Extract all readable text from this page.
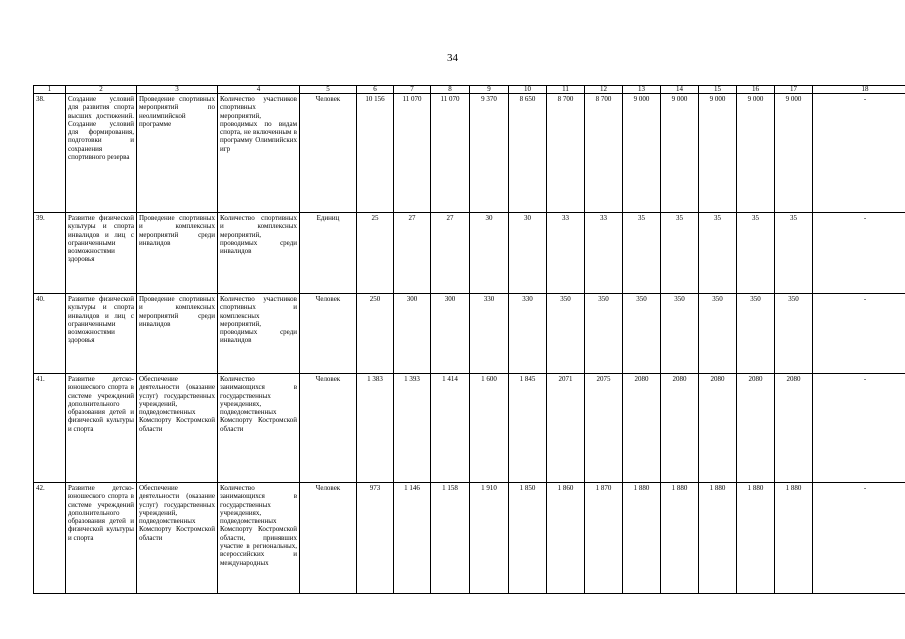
34
1	2	3	4	5	6	7	8	9	10	11	12	13	14	15	16	17	18
38.	Создание условий для развития спорта высших достижений. Создание условий для формирования, подготовки и сохранения спортивного резерва	Проведение спортивных мероприятий по неолимпийской программе	Количество участников спортивных мероприятий, проводимых по видам спорта, не включенным в программу Олимпийских игр	Человек	10 156	11 070	11 070	9 370	8 650	8 700	8 700	9 000	9 000	9 000	9 000	9 000	-
39.	Развитие физической культуры и спорта инвалидов и лиц с ограниченными возможностями здоровья	Проведение спортивных и комплексных мероприятий среди инвалидов	Количество спортивных и комплексных мероприятий, проводимых среди инвалидов	Единиц	25	27	27	30	30	33	33	35	35	35	35	35	-
40.	Развитие физической культуры и спорта инвалидов и лиц с ограниченными возможностями здоровья	Проведение спортивных и комплексных мероприятий среди инвалидов	Количество участников спортивных и комплексных мероприятий, проводимых среди инвалидов	Человек	250	300	300	330	330	350	350	350	350	350	350	350	-
41.	Развитие детско-юношеского спорта в системе учреждений дополнительного образования детей и физической культуры и спорта	Обеспечение деятельности (оказание услуг) государственных учреждений, подведомственных Комспорту Костромской области	Количество занимающихся в государственных учреждениях, подведомственных Комспорту Костромской области	Человек	1 383	1 393	1 414	1 600	1 845	2071	2075	2080	2080	2080	2080	2080	-
42.	Развитие детско-юношеского спорта в системе учреждений дополнительного образования детей и физической культуры и спорта	Обеспечение деятельности (оказание услуг) государственных учреждений, подведомственных Комспорту Костромской области	Количество занимающихся в государственных учреждениях, подведомственных Комспорту Костромской области, принявших участие в региональных, всероссийских и международных	Человек	973	1 146	1 158	1 910	1 850	1 860	1 870	1 880	1 880	1 880	1 880	1 880	-
